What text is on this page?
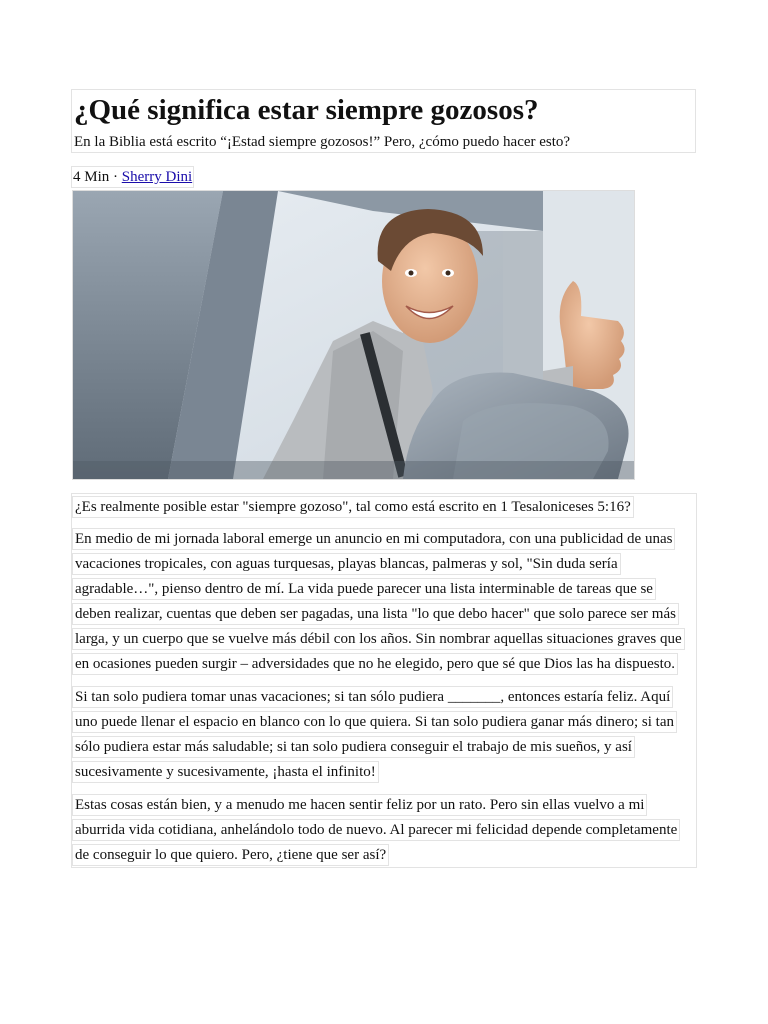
¿Qué significa estar siempre gozosos?

En la Biblia está escrito “¡Estad siempre gozosos!” Pero, ¿cómo puedo hacer esto?

4 Min · Sherry Dini
¿Es realmente posible estar "siempre gozoso", tal como está escrito en 1 Tesaloniceses 5:16?
En medio de mi jornada laboral emerge un anuncio en mi computadora, con una publicidad de unas
vacaciones tropicales, con aguas turquesas, playas blancas, palmeras y sol, "Sin duda sería
agradable…", pienso dentro de mí. La vida puede parecer una lista interminable de tareas que se
deben realizar, cuentas que deben ser pagadas, una lista "lo que debo hacer" que solo parece ser más
larga, y un cuerpo que se vuelve más débil con los años. Sin nombrar aquellas situaciones graves que
en ocasiones pueden surgir – adversidades que no he elegido, pero que sé que Dios las ha dispuesto.
Si tan solo pudiera tomar unas vacaciones; si tan sólo pudiera _______, entonces estaría feliz. Aquí
uno puede llenar el espacio en blanco con lo que quiera. Si tan solo pudiera ganar más dinero; si tan
sólo pudiera estar más saludable; si tan solo pudiera conseguir el trabajo de mis sueños, y así
sucesivamente y sucesivamente, ¡hasta el infinito!
Estas cosas están bien, y a menudo me hacen sentir feliz por un rato. Pero sin ellas vuelvo a mi
aburrida vida cotidiana, anhelándolo todo de nuevo. Al parecer mi felicidad depende completamente
de conseguir lo que quiero. Pero, ¿tiene que ser así?
